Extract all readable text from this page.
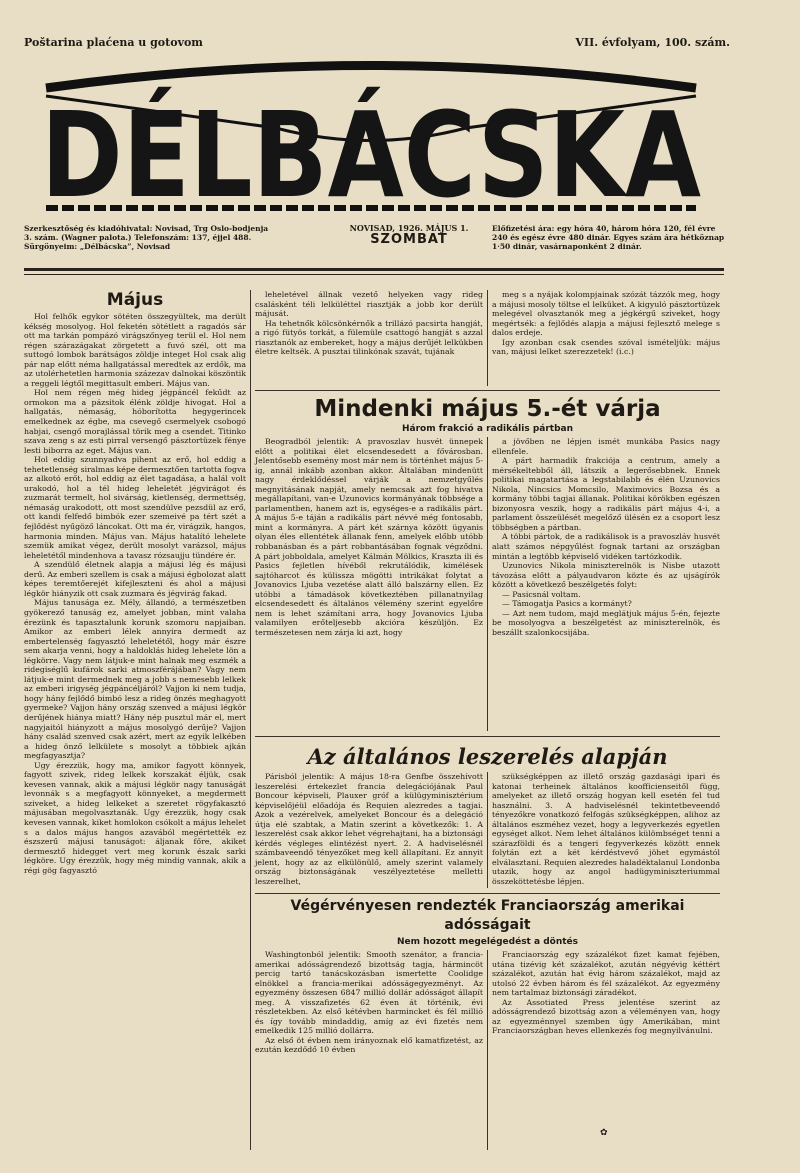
Poštarina plaćena u gotovom	VII. évfolyam, 100. szám.
DÉLBÁCSKA
Szerkesztőség és kiadóhivatal: Novisad, Trg Oslo-bodjenja 3. szám. (Wagner palota.) Telefonszám: 137, éjjel 488. Sürgönyeim: „Délbácska”, Novisad
NOVISAD, 1926. MÁJUS 1.
SZOMBAT
Előfizetési ára: egy hóra 40, három hóra 120, fél évre 240 és egész évre 480 dinár. Egyes szám ára hétköznap 1·50 dinár, vasárnaponként 2 dinár.
Május

Hol felhők egykor sötéten összegyültek, ma derült kékség mosolyog. Hol feketén sötétlett a ragadós sár ott ma tarkán pompázó virágszőnyeg terül el. Hol nem régen szárazágakat zörgetett a fuvó szél, ott ma suttogó lombok barátságos zöldje integet Hol csak alig pár nap előtt néma hallgatással meredtek az erdők, ma az utolérhetetlen harmonia százezav dalnokai köszöntik a reggeli légtől megittasult emberi. Május van.

Hol nem régen még hideg jégpáncél fekűdt az ormokon ma a pázsitok élénk zöldje hivogat. Hol a hallgatás, némaság, hóborította hegygerincek emelkednek az égbe, ma csevegő csermelyek csobogó habjai, csengő morajlással törik meg a csendet. Titinko szava zeng s az esti pirral versengő pásztortüzek fénye lesti biborra az eget. Május van.

Hol eddig szunnyadva pihent az erő, hol eddig a tehetetlenség siralmas képe dermesztően tartotta fogva az alkotó erőt, hol eddig az élet tagadása, a halál volt urakodó, hol a tél hideg leheletét jégvirágot és zuzmarát termelt, hol sivárság, kietlenség, dermettség, némaság urakodott, ott most szendülve pezsdül az erő, ott kandi felfedő bimbók ezer szemeivé pa tért szét a fejlődést nyűgöző láncokat. Ott ma ér, virágzik, hangos, harmonia minden. Május van. Május hatalító lehelete szemük amikat végez, derült mosolyt varázsol, május leheletétől mindenhova a tavasz rózsaujju tündére ér.

A szendülő életnek alapja a májusi lég és májusi derű. Az emberi szellem is csak a májusi égbolozat alatt képes teremtőerejét kifejleszteni és ahol a májusi légkör hiányzik ott csak zuzmara és jégvirág fakad.

Május tanusága ez. Mély, állandó, a természetben gyökerező tanuság ez, amelyet jobban, mint valaha érezünk és tapasztalunk korunk szomoru napjaiban. Amikor az emberi lélek annyira dermedt az embertelenség fagyasztó leheletétől, hogy már észre sem akarja venni, hogy a haldoklás hideg lehelete lön a légkörre. Vagy nem látjuk-e mint halnak meg eszmék a ridegiséglű kufárok sarki atmoszférájában? Vagy nem látjuk-e mint dermednek meg a jobb s nemesebb lelkek az emberi irigység jégpáncéljáról? Vajjon ki nem tudja, hogy hány fejlődő bimbó lesz a rideg önzés meghagyott gyermeke? Vajjon hány ország szenved a májusi légkör derűjének hiánya miatt? Hány nép pusztul már el, mert nagyjaitól hiányzott a május mosolygó derűje? Vajjon hány család szenved csak azért, mert az egyik lelkében a hideg önző lelkülete s mosolyt a többiek ajkán megfagyasztja?

Ugy érezzük, hogy ma, amikor fagyott könnyek, fagyott szivek, rideg lelkek korszakát éljük, csak kevesen vannak, akik a májusi légkör nagy tanuságát levonnák s a megfagyott könnyeket, a megdermett sziveket, a hideg lelkeket a szeretet rögyfakasztó májusában megolvasztanák. Ugy érezzük, hogy csak kevesen vannak, kiket homlokon csókolt a május lehelet s a dalos május hangos azavából megértették ez észszerű májusi tanuságot: áljanak főre, akiket dermesztő hidegget vert meg korunk észak sarki légköre. Ugy érezzük, hogy még mindig vannak, akik a régi gög fagyasztó

leheletével állnak vezető helyeken vagy rideg csalásként téli lelküléttel riasztják a jobb kor derült májusát.

Ha tehetnők kölcsönkérnők a trillázó pacsirta hangját, a rigó fütyös torkát, a fülemüle csattogó hangját s azzal riasztanók az embereket, hogy a május derűjét lelkükben életre keltsék. A pusztai tilinkónak szavát, tujának

meg s a nyájak kolompjainak szózát tázzók meg, hogy a májusi mosoly töltse el lelküket. A kigyuló pásztortüzek melegével olvasztanók meg a jégkérgű sziveket, hogy megértsék: a fejlődés alapja a májusi fejlesztő melege s dalos erdeje.

Igy azonban csak csendes szóval ismételjük: május van, májusi lelket szerezzetek! (i.c.)

Mindenki május 5.-ét várja
Három frakció a radikális pártban

Beogradból jelentik: A pravoszlav husvét ünnepek előtt a politikai élet elcsendesedett a fővárosban. Jelentősebb esemény most már nem is történhet május 5-ig, annál inkább azonban akkor. Általában mindenütt nagy érdeklődéssel várják a nemzetgyűlés megnyitásának napját, amely nemcsak azt fog hivatva megállapítani, van-e Uzunovics kormányának többsége a parlamentben, hanem azt is, egységes-e a radikális párt. A május 5-e táján a radikális párt névvé még fontosabb, mint a kormányra. A párt két szárnya között ügyanis olyan éles ellentétek állanak fenn, amelyek előbb utóbb robbanásban és a párt robbantásában fognak végződni. A párt jobboldala, amelyet Kálmán Mölkics, Kraszta ili és Pasics fejletlen hívéből rekrutálódik, kimélések sajtóharcot és külissza mögötti intrikákat folytat a Jovanovics Ljuba vezetése alatt álló balszárny ellen. Ez utóbbi a támadások következtében pillanatnyilag elcsendesedett és általános vélemény szerint egyelőre nem is lehet számítani arra, hogy Jovanovics Ljuba valamilyen erőteljesebb akcióra készüljön. Ez természetesen nem zárja ki azt, hogy

a jövőben ne lépjen ismét munkába Pasics nagy ellenfele.

A párt harmadik frakciója a centrum, amely a mérsékeltebből áll, látszik a legerősebbnek. Ennek politikai magatartása a legstabilabb és élén Uzunovics Nikola, Nincsics Momcsilo, Maximovics Bozsa és a kormány többi tagjai állanak. Politikai körökben egészen bizonyosra veszik, hogy a radikális párt május 4-i, a parlament összeülését megelőző ülésén ez a csoport lesz többségben a pártban.

A többi pártok, de a radikálisok is a pravoszláv husvét alatt számos népgyűlést fognak tartani az országban mintán a legtöbb képviselő vidéken tartózkodik.

Uzunovics Nikola miniszterelnök is Nisbe utazott távozása előtt a pályaudvaron közte és az ujságírók között a következő beszélgetés folyt:

— Pasicsnál voltam.

— Támogatja Pasics a kormányt?

— Azt nem tudom, majd meglátjuk május 5-én, fejezte be mosolyogva a beszélgetést az miniszterelnök, és beszállt szalonkocsijába.

Az általános leszerelés alapján

Párisból jelentik: A május 18-ra Genfbe összehívott leszerelési értekezlet francia delegációjának Paul Boncour képviseli, Plauxer gróf a külügyminisztérium képviselőjéül előadója és Requien alezredes a tagjai. Azok a vezérelvek, amelyeket Boncour és a delegáció útja elé szabtak, a Matin szerint a következők: 1. A leszerelést csak akkor lehet végrehajtani, ha a biztonsági kérdés végleges elintézést nyert. 2. A hadviselésnél számbaveendő tényezőket meg kell állapítani. Ez annyit jelent, hogy az az elkülönülő, amely szerint valamely ország biztonságának veszélyeztetése melletti leszerelhet,

szükségképpen az illető ország gazdasági ipari és katonai terheinek általános koofficienseitől függ, amelyeket az illető ország hogyan kell esetén fel tud használni. 3. A hadviselésnél tekintetbeveendő tényezőkre vonatkozó felfogás szükségképpen, alihoz az általános eszméhez vezet, hogy a legyverkezés egyetlen egységet alkot. Nem lehet általános külömbséget tenni a szárazföldi és a tengeri fegyverkezés között ennek folytán ezt a két kérdéstvevő jöhet egymástól elválasztani. Requien alezredes haladéktalanul Londonba utazik, hogy az angol hadügyminiszteriummal összeköttetésbe lépjen.

Végérvényesen rendezték Franciaország amerikai
adósságait
Nem hozott megelégedést a döntés

Washingtonból jelentik: Smooth szenátor, a francia-amerikai adósságrendező bizottság tagja, hármincöt percig tartó tanácskozásban ismertette Coolidge elnökkel a francia-merikai adósságegyezményt. Az egyezmény összesen 6847 millió dollár adósságot állapít meg. A visszafizetés 62 éven át történik, évi részletekben. Az első kétévben harmincket és fél millió és így tovább mindaddig, amíg az évi fizetés nem emelkedik 125 millió dollárra.

Az első öt évben nem irányoznak elő kamatfizetést, az ezután kezdődő 10 évben

Franciaország egy százalékot fizet kamat fejében, utána tizévig két százalékot, azután négyévig kéttért százalékot, azután hat évig három százalékot, majd az utolsó 22 évben három és fél százalékot. Az egyezmény nem tartalmaz biztonsági záradékot.

Az Assotiated Press jelentése szerint az adósságrendező bizottság azon a véleményen van, hogy az egyezménnyel szemben úgy Amerikában, mint Franciaországban heves ellenkezés fog megnyilvánulni.

✿
